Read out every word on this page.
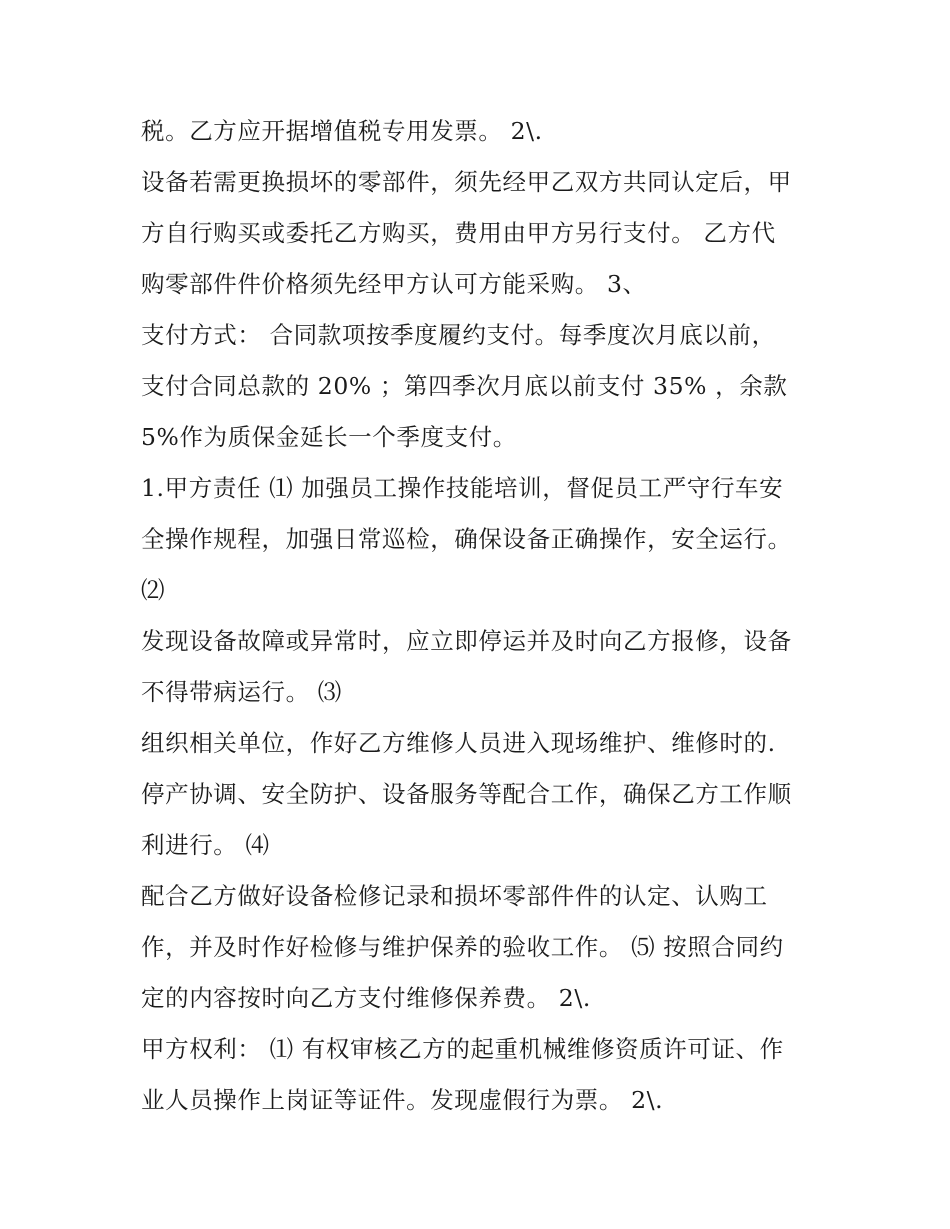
税。乙方应开据增值税专用发票。 2\.
设备若需更换损坏的零部件，须先经甲乙双方共同认定后，甲
方自行购买或委托乙方购买，费用由甲方另行支付。 乙方代
购零部件件价格须先经甲方认可方能采购。 3、
支付方式： 合同款项按季度履约支付。每季度次月底以前，
支付合同总款的 20% ；第四季次月底以前支付 35% ，余款
5%作为质保金延长一个季度支付。
1.甲方责任 ⑴ 加强员工操作技能培训，督促员工严守行车安
全操作规程，加强日常巡检，确保设备正确操作，安全运行。
⑵
发现设备故障或异常时，应立即停运并及时向乙方报修，设备
不得带病运行。 ⑶
组织相关单位，作好乙方维修人员进入现场维护、维修时的.
停产协调、安全防护、设备服务等配合工作，确保乙方工作顺
利进行。 ⑷
配合乙方做好设备检修记录和损坏零部件件的认定、认购工
作，并及时作好检修与维护保养的验收工作。 ⑸ 按照合同约
定的内容按时向乙方支付维修保养费。 2\.
甲方权利： ⑴ 有权审核乙方的起重机械维修资质许可证、作
业人员操作上岗证等证件。发现虚假行为票。 2\.
